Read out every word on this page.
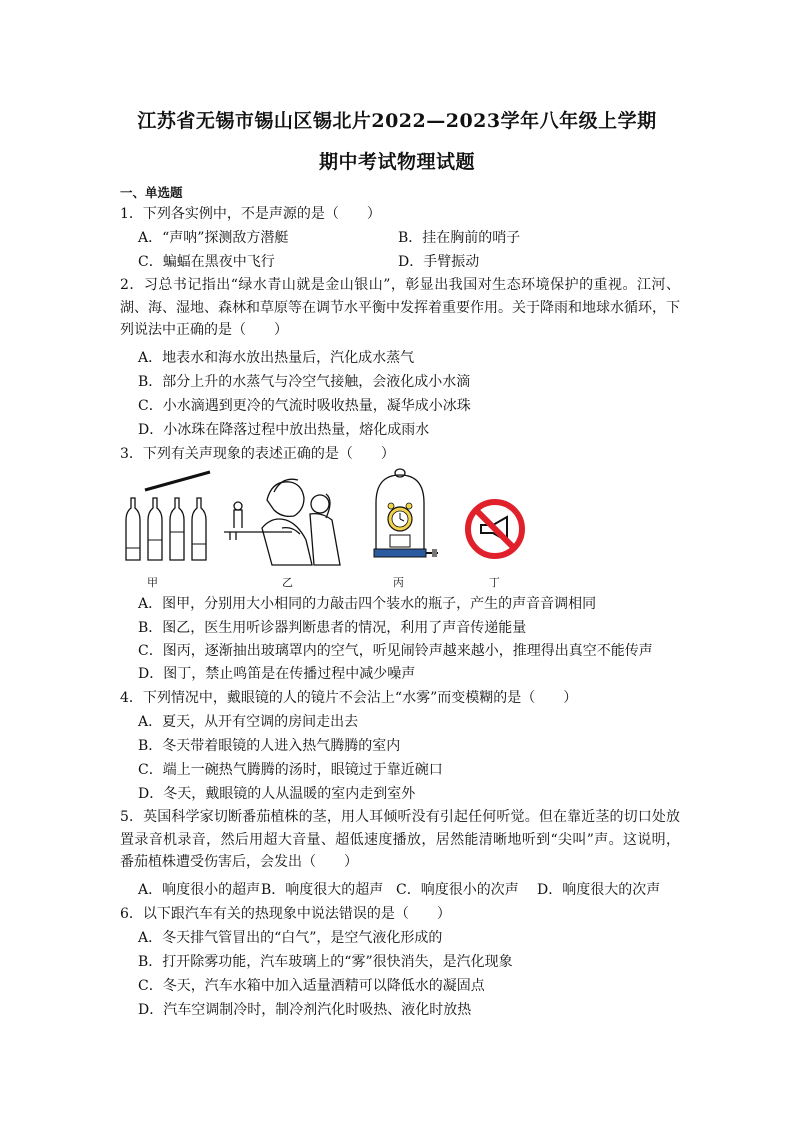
江苏省无锡市锡山区锡北片2022—2023学年八年级上学期
期中考试物理试题
一、单选题
1．下列各实例中，不是声源的是（　　）
A．“声呐”探测敌方潜艇	B．挂在胸前的哨子
C．蝙蝠在黑夜中飞行	D．手臂振动
2．习总书记指出“绿水青山就是金山银山”，彰显出我国对生态环境保护的重视。江河、湖、海、湿地、森林和草原等在调节水平衡中发挥着重要作用。关于降雨和地球水循环，下列说法中正确的是（　　）
A．地表水和海水放出热量后，汽化成水蒸气
B．部分上升的水蒸气与冷空气接触，会液化成小水滴
C．小水滴遇到更冷的气流时吸收热量，凝华成小冰珠
D．小冰珠在降落过程中放出热量，熔化成雨水
3．下列有关声现象的表述正确的是（　　）
甲	乙	丙	丁
A．图甲，分别用大小相同的力敲击四个装水的瓶子，产生的声音音调相同
B．图乙，医生用听诊器判断患者的情况，利用了声音传递能量
C．图丙，逐渐抽出玻璃罩内的空气，听见闹铃声越来越小，推理得出真空不能传声
D．图丁，禁止鸣笛是在传播过程中减少噪声
4．下列情况中，戴眼镜的人的镜片不会沾上“水雾”而变模糊的是（　　）
A．夏天，从开有空调的房间走出去
B．冬天带着眼镜的人进入热气腾腾的室内
C．端上一碗热气腾腾的汤时，眼镜过于靠近碗口
D．冬天，戴眼镜的人从温暖的室内走到室外
5．英国科学家切断番茄植株的茎，用人耳倾听没有引起任何听觉。但在靠近茎的切口处放置录音机录音，然后用超大音量、超低速度播放，居然能清晰地听到“尖叫”声。这说明，番茄植株遭受伤害后，会发出（　　）
A．响度很小的超声 B．响度很大的超声 C．响度很小的次声 D．响度很大的次声
6．以下跟汽车有关的热现象中说法错误的是（　　）
A．冬天排气管冒出的“白气”，是空气液化形成的
B．打开除雾功能，汽车玻璃上的“雾”很快消失，是汽化现象
C．冬天，汽车水箱中加入适量酒精可以降低水的凝固点
D．汽车空调制冷时，制冷剂汽化时吸热、液化时放热
